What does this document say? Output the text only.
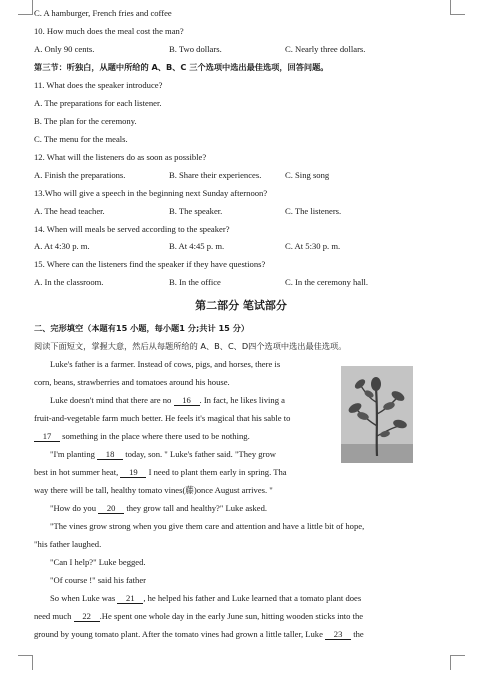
C. A hamburger, French fries and coffee
10. How much does the meal cost the man?
A. Only 90 cents.	B. Two dollars.	C. Nearly three dollars.
第三节：听独白，从题中所给的 A、B、C 三个选项中选出最佳选项，回答问题。
11. What does the speaker introduce?
A. The preparations for each listener.
B. The plan for the ceremony.
C. The menu for the meals.
12. What will the listeners do as soon as possible?
A. Finish the preparations.	B. Share their experiences.	C. Sing song
13.Who will give a speech in the beginning next Sunday afternoon?
A. The head teacher.	B. The speaker.	C. The listeners.
14. When will meals be served according to the speaker?
A. At 4:30 p. m.	B. At 4:45 p. m.	C. At 5:30 p. m.
15. Where can the listeners find the speaker if they have questions?
A. In the classroom.	B. In the office	C. In the ceremony hall.
第二部分 笔试部分
二、完形填空（本题有15 小题，每小题1 分;共计 15 分）
阅读下面短文，掌握大意，然后从每题所给的 A、B、C、D四个选项中选出最佳选项。
Luke's father is a farmer. Instead of cows, pigs, and horses, there is
corn, beans, strawberries and tomatoes around his house.
Luke doesn't mind that there are no 16 . In fact, he likes living a
fruit-and-vegetable farm much better. He feels it's magical that his sable to
17 something in the place where there used to be nothing.
"I'm planting 18 today, son. " Luke's father said. "They grow
best in hot summer heat, 19 I need to plant them early in spring. Tha
way there will be tall, healthy tomato vines(藤)once August arrives. "
"How do you 20 they grow tall and healthy?" Luke asked.
"The vines grow strong when you give them care and attention and have a little bit of hope,
"his father laughed.
"Can I help?" Luke begged.
"Of course !" said his father
So when Luke was 21 , he helped his father and Luke learned that a tomato plant does
need much 22 .He spent one whole day in the early June sun, hitting wooden sticks into the
ground by young tomato plant. After the tomato vines had grown a little taller, Luke 23 the
